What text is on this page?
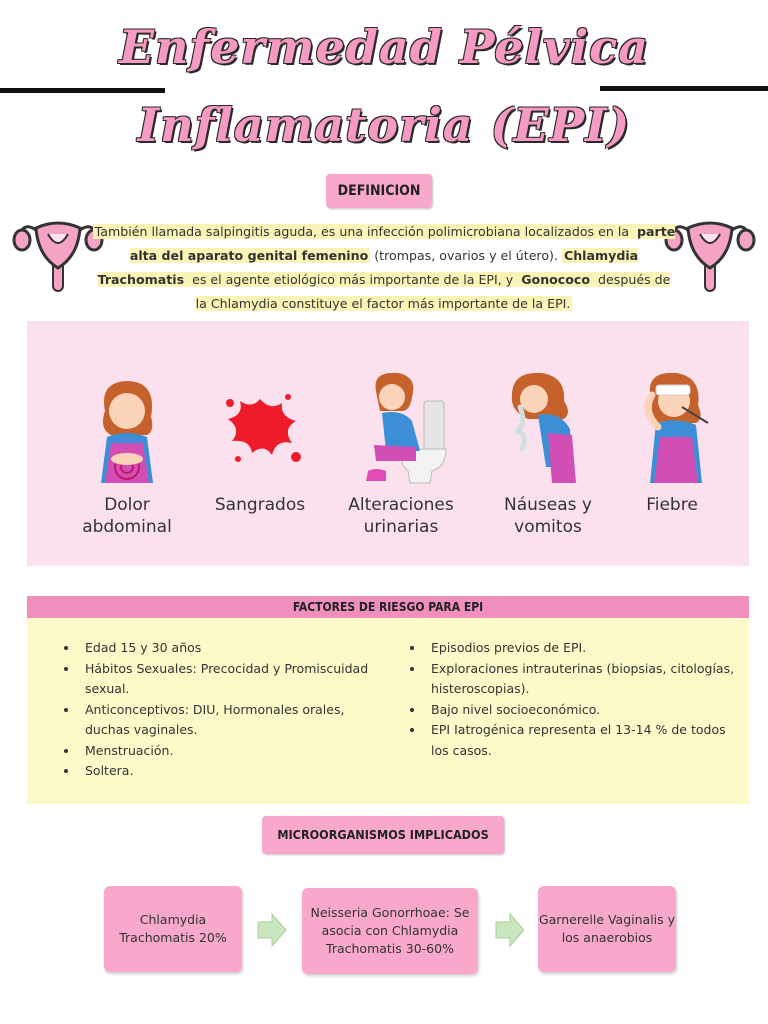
Enfermedad Pélvica
Inflamatoria (EPI)
DEFINICION
También llamada salpingitis aguda, es una infección polimicrobiana localizados en la parte alta del aparato genital femenino (trompas, ovarios y el útero). Chlamydia Trachomatis es el agente etiológico más importante de la EPI, y Gonococo después de la Chlamydia constituye el factor más importante de la EPI.
Dolor abdominal
Sangrados	Alteraciones urinarias
Náuseas y vomitos
Fiebre
FACTORES DE RIESGO PARA EPI
• Edad 15 y 30 años
• Hábitos Sexuales: Precocidad y Promiscuidad sexual.
• Anticonceptivos: DIU, Hormonales orales, duchas vaginales.
• Menstruación.
• Soltera.
• Episodios previos de EPI.
• Exploraciones intrauterinas (biopsias, citologías, histeroscopias).
• Bajo nivel socioeconómico.
• EPI Iatrogénica representa el 13-14 % de todos los casos.
MICROORGANISMOS IMPLICADOS
Chlamydia Trachomatis 20%
Neisseria Gonorrhoae: Se asocia con Chlamydia Trachomatis 30-60%
Garnerelle Vaginalis y los anaerobios
